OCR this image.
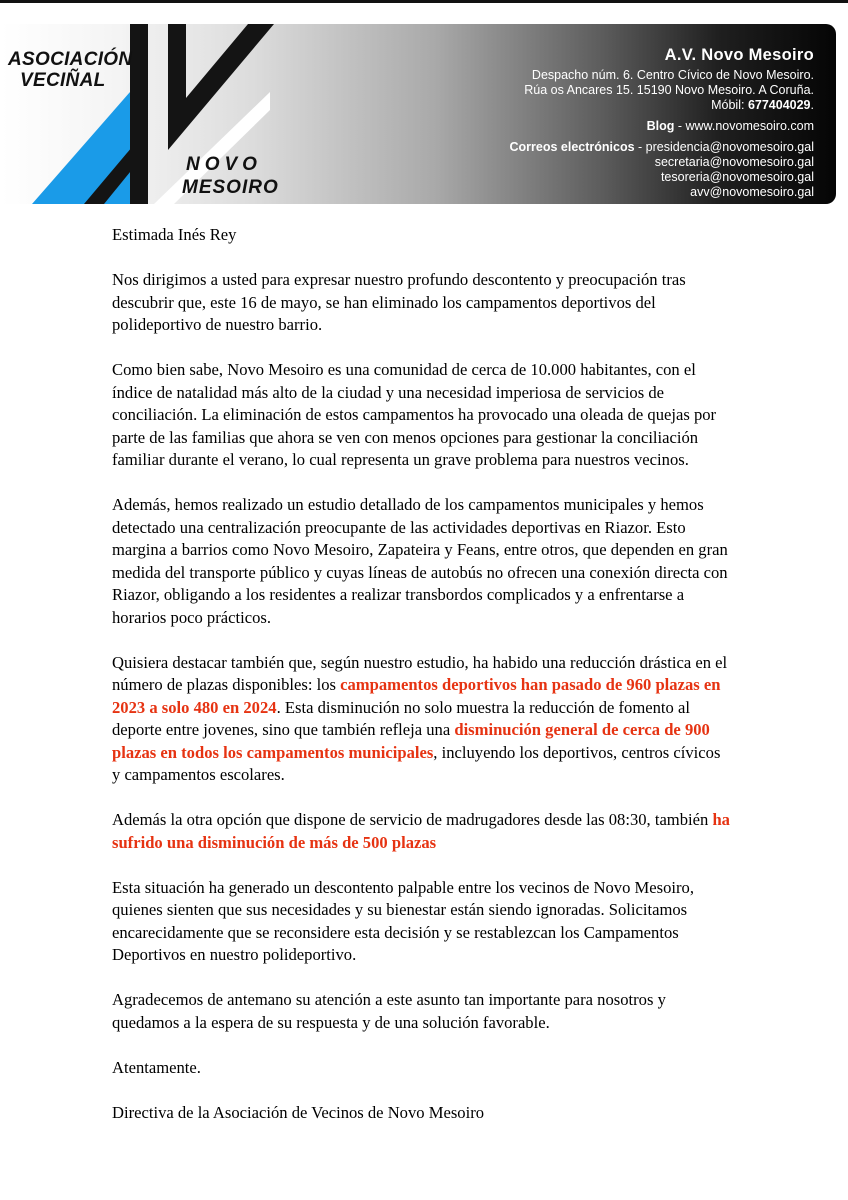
ASOCIACIÓN
VECIÑAL
NOVO
MESOIRO
A.V. Novo Mesoiro
Despacho núm. 6. Centro Cívico de Novo Mesoiro.
Rúa os Ancares 15. 15190 Novo Mesoiro. A Coruña.
Móbil: 677404029.
Blog - www.novomesoiro.com
Correos electrónicos - presidencia@novomesoiro.gal
secretaria@novomesoiro.gal
tesoreria@novomesoiro.gal
avv@novomesoiro.gal

Estimada Inés Rey

Nos dirigimos a usted para expresar nuestro profundo descontento y preocupación tras descubrir que, este 16 de mayo, se han eliminado los campamentos deportivos del polideportivo de nuestro barrio.

Como bien sabe, Novo Mesoiro es una comunidad de cerca de 10.000 habitantes, con el índice de natalidad más alto de la ciudad y una necesidad imperiosa de servicios de conciliación. La eliminación de estos campamentos ha provocado una oleada de quejas por parte de las familias que ahora se ven con menos opciones para gestionar la conciliación familiar durante el verano, lo cual representa un grave problema para nuestros vecinos.

Además, hemos realizado un estudio detallado de los campamentos municipales y hemos detectado una centralización preocupante de las actividades deportivas en Riazor. Esto margina a barrios como Novo Mesoiro, Zapateira y Feans, entre otros, que dependen en gran medida del transporte público y cuyas líneas de autobús no ofrecen una conexión directa con Riazor, obligando a los residentes a realizar transbordos complicados y a enfrentarse a horarios poco prácticos.

Quisiera destacar también que, según nuestro estudio, ha habido una reducción drástica en el número de plazas disponibles: los campamentos deportivos han pasado de 960 plazas en 2023 a solo 480 en 2024. Esta disminución no solo muestra la reducción de fomento al deporte entre jovenes, sino que también refleja una disminución general de cerca de 900 plazas en todos los campamentos municipales, incluyendo los deportivos, centros cívicos y campamentos escolares.

Además la otra opción que dispone de servicio de madrugadores desde las 08:30, también ha sufrido una disminución de más de 500 plazas

Esta situación ha generado un descontento palpable entre los vecinos de Novo Mesoiro, quienes sienten que sus necesidades y su bienestar están siendo ignoradas. Solicitamos encarecidamente que se reconsidere esta decisión y se restablezcan los Campamentos Deportivos en nuestro polideportivo.

Agradecemos de antemano su atención a este asunto tan importante para nosotros y quedamos a la espera de su respuesta y de una solución favorable.

Atentamente.

Directiva de la Asociación de Vecinos de Novo Mesoiro
